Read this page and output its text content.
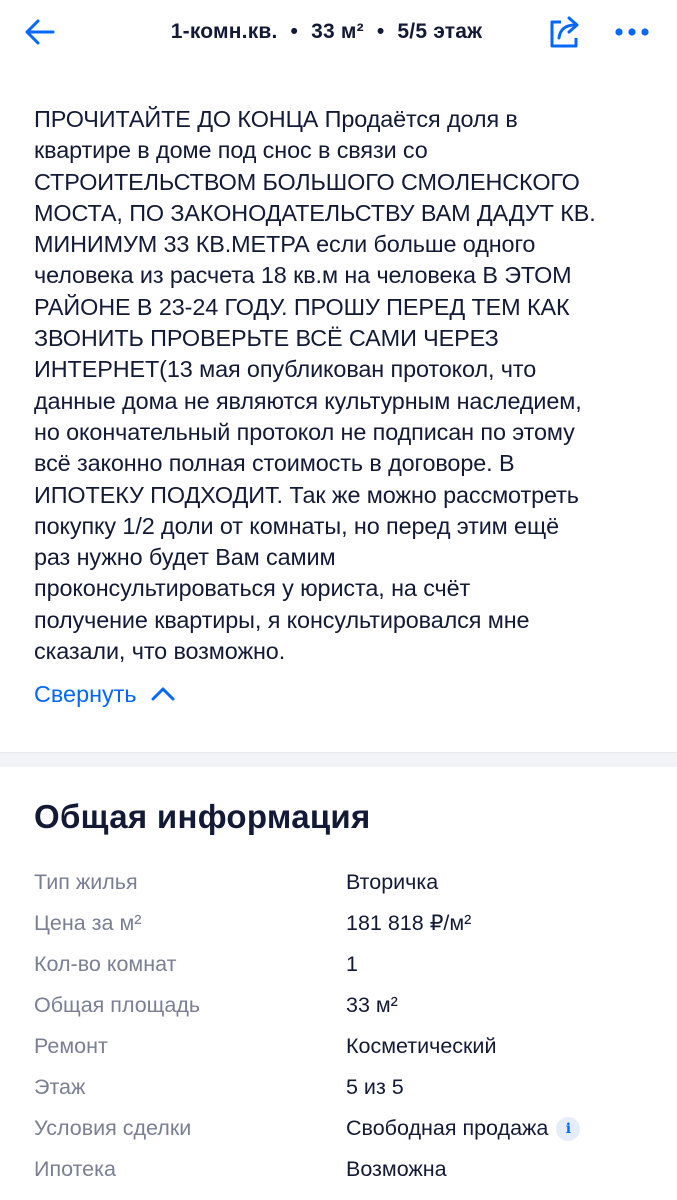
1-комн.кв. • 33 м² • 5/5 этаж
ПРОЧИТАЙТЕ ДО КОНЦА Продаётся доля в
квартире в доме под снос в связи со
СТРОИТЕЛЬСТВОМ БОЛЬШОГО СМОЛЕНСКОГО
МОСТА, ПО ЗАКОНОДАТЕЛЬСТВУ ВАМ ДАДУТ КВ.
МИНИМУМ 33 КВ.МЕТРА если больше одного
человека из расчета 18 кв.м на человека В ЭТОМ
РАЙОНЕ В 23-24 ГОДУ. ПРОШУ ПЕРЕД ТЕМ КАК
ЗВОНИТЬ ПРОВЕРЬТЕ ВСЁ САМИ ЧЕРЕЗ
ИНТЕРНЕТ(13 мая опубликован протокол, что
данные дома не являются культурным наследием,
но окончательный протокол не подписан по этому
всё законно полная стоимость в договоре. В
ИПОТЕКУ ПОДХОДИТ. Так же можно рассмотреть
покупку 1/2 доли от комнаты, но перед этим ещё
раз нужно будет Вам самим
проконсультироваться у юриста, на счёт
получение квартиры, я консультировался мне
сказали, что возможно.
Свернуть
Общая информация
Тип жилья	Вторичка
Цена за м²	181 818 ₽/м²
Кол-во комнат	1
Общая площадь	33 м²
Ремонт	Косметический
Этаж	5 из 5
Условия сделки	Свободная продажа	i
Ипотека	Возможна
